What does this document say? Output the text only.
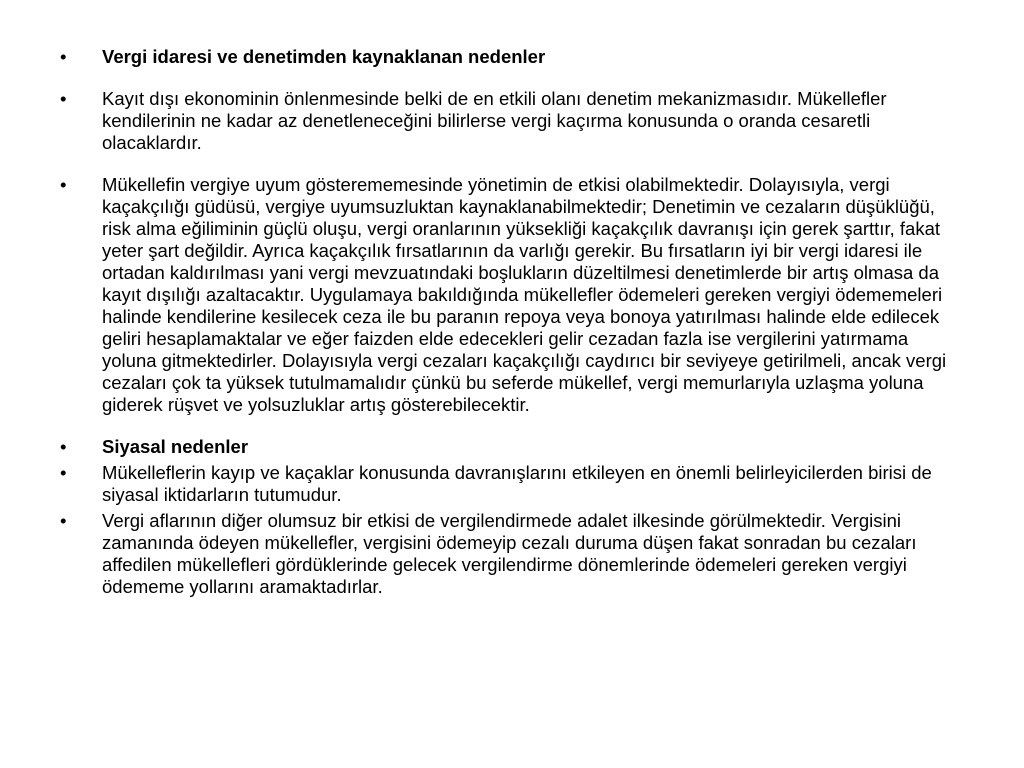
•	Vergi idaresi ve denetimden kaynaklanan nedenler
•	Kayıt dışı ekonominin önlenmesinde belki de en etkili olanı denetim mekanizmasıdır. Mükellefler kendilerinin ne kadar az denetleneceğini bilirlerse vergi kaçırma konusunda o oranda cesaretli olacaklardır.
•	Mükellefin vergiye uyum gösterememesinde yönetimin de etkisi olabilmektedir. Dolayısıyla, vergi kaçakçılığı güdüsü, vergiye uyumsuzluktan kaynaklanabilmektedir; Denetimin ve cezaların düşüklüğü, risk alma eğiliminin güçlü oluşu, vergi oranlarının yüksekliği kaçakçılık davranışı için gerek şarttır, fakat yeter şart değildir. Ayrıca kaçakçılık fırsatlarının da varlığı gerekir. Bu fırsatların iyi bir vergi idaresi ile ortadan kaldırılması yani vergi mevzuatındaki boşlukların düzeltilmesi denetimlerde bir artış olmasa da kayıt dışılığı azaltacaktır. Uygulamaya bakıldığında mükellefler ödemeleri gereken vergiyi ödememeleri halinde kendilerine kesilecek ceza ile bu paranın repoya veya bonoya yatırılması halinde elde edilecek geliri hesaplamaktalar ve eğer faizden elde edecekleri gelir cezadan fazla ise vergilerini yatırmama yoluna gitmektedirler. Dolayısıyla vergi cezaları kaçakçılığı caydırıcı bir seviyeye getirilmeli, ancak vergi cezaları çok ta yüksek tutulmamalıdır çünkü bu seferde mükellef, vergi memurlarıyla uzlaşma yoluna giderek rüşvet ve yolsuzluklar artış gösterebilecektir.
•	Siyasal nedenler
•	Mükelleflerin kayıp ve kaçaklar konusunda davranışlarını etkileyen en önemli belirleyicilerden birisi de siyasal iktidarların tutumudur.
•	Vergi aflarının diğer olumsuz bir etkisi de vergilendirmede adalet ilkesinde görülmektedir. Vergisini zamanında ödeyen mükellefler, vergisini ödemeyip cezalı duruma düşen fakat sonradan bu cezaları affedilen mükellefleri gördüklerinde gelecek vergilendirme dönemlerinde ödemeleri gereken vergiyi ödememe yollarını aramaktadırlar.
